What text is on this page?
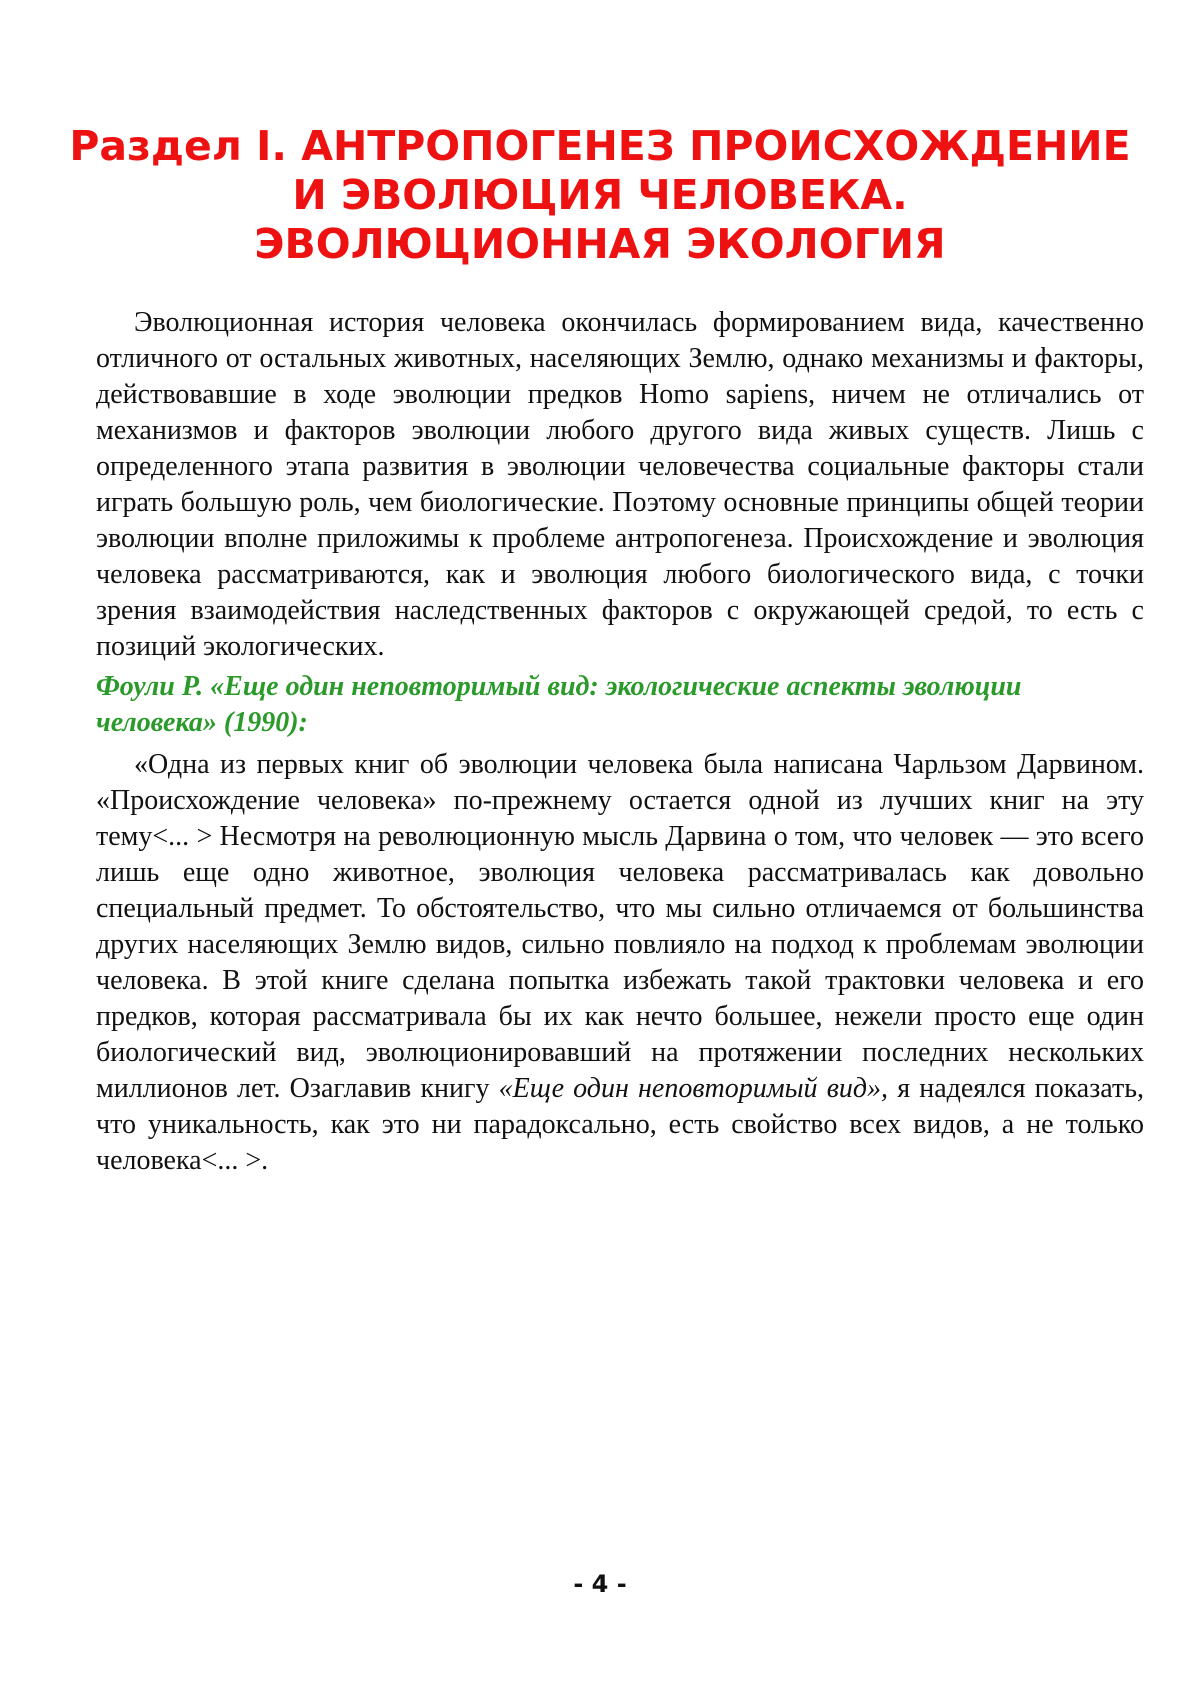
Раздел I. АНТРОПОГЕНЕЗ ПРОИСХОЖДЕНИЕ
И ЭВОЛЮЦИЯ ЧЕЛОВЕКА.
ЭВОЛЮЦИОННАЯ ЭКОЛОГИЯ

Эволюционная история человека окончилась формированием вида, качественно отличного от остальных животных, населяющих Землю, однако механизмы и факторы, действовавшие в ходе эволюции предков Homo sapiens, ничем не отличались от механизмов и факторов эволюции любого другого вида живых существ. Лишь с определенного этапа развития в эволюции человечества социальные факторы стали играть большую роль, чем биологические. Поэтому основные принципы общей теории эволюции вполне приложимы к проблеме антропогенеза. Происхождение и эволюция человека рассматриваются, как и эволюция любого биологического вида, с точки зрения взаимодействия наследственных факторов с окружающей средой, то есть с позиций экологических.

Фоули Р. «Еще один неповторимый вид: экологические аспекты эволюции человека» (1990):

«Одна из первых книг об эволюции человека была написана Чарльзом Дарвином. «Происхождение человека» по-прежнему остается одной из лучших книг на эту тему<... > Несмотря на революционную мысль Дарвина о том, что человек — это всего лишь еще одно животное, эволюция человека рассматривалась как довольно специальный предмет. То обстоятельство, что мы сильно отличаемся от большинства других населяющих Землю видов, сильно повлияло на подход к проблемам эволюции человека. В этой книге сделана попытка избежать такой трактовки человека и его предков, которая рассматривала бы их как нечто большее, нежели просто еще один биологический вид, эволюционировавший на протяжении последних нескольких миллионов лет. Озаглавив книгу «Еще один неповторимый вид», я надеялся показать, что уникальность, как это ни парадоксально, есть свойство всех видов, а не только человека<... >.

- 4 -
